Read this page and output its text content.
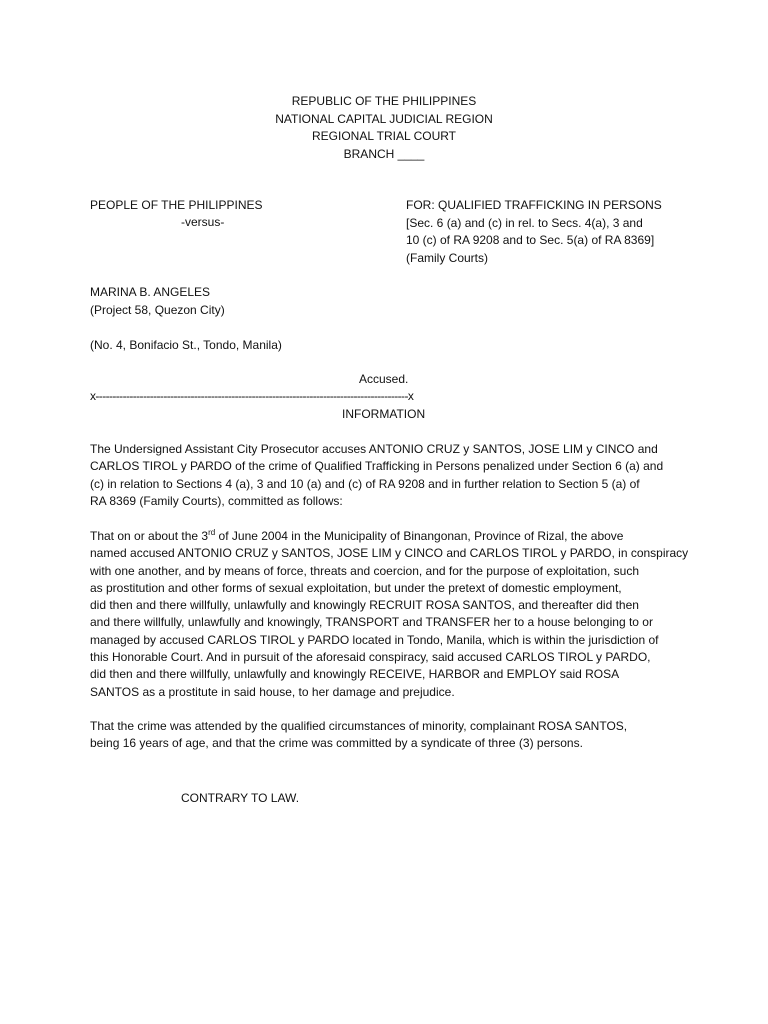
REPUBLIC OF THE PHILIPPINES
NATIONAL CAPITAL JUDICIAL REGION
REGIONAL TRIAL COURT
BRANCH ____
PEOPLE OF THE PHILIPPINES
-versus-
FOR: QUALIFIED TRAFFICKING IN PERSONS
[Sec. 6 (a) and (c) in rel. to Secs. 4(a), 3 and
10 (c) of RA 9208 and to Sec. 5(a) of RA 8369]
(Family Courts)
MARINA B. ANGELES
(Project 58, Quezon City)
(No. 4, Bonifacio St., Tondo, Manila)
Accused.
x--------------------------------------------------------------------------------------------x
INFORMATION
The Undersigned Assistant City Prosecutor accuses ANTONIO CRUZ y SANTOS, JOSE LIM y CINCO and
CARLOS TIROL y PARDO of the crime of Qualified Trafficking in Persons penalized under Section 6 (a) and
(c) in relation to Sections 4 (a), 3 and 10 (a) and (c) of RA 9208 and in further relation to Section 5 (a) of
RA 8369 (Family Courts), committed as follows:
That on or about the 3rd of June 2004 in the Municipality of Binangonan, Province of Rizal, the above
named accused ANTONIO CRUZ y SANTOS, JOSE LIM y CINCO and CARLOS TIROL y PARDO, in conspiracy
with one another, and by means of force, threats and coercion, and for the purpose of exploitation, such
as prostitution and other forms of sexual exploitation, but under the pretext of domestic employment,
did then and there willfully, unlawfully and knowingly RECRUIT ROSA SANTOS, and thereafter did then
and there willfully, unlawfully and knowingly, TRANSPORT and TRANSFER her to a house belonging to or
managed by accused CARLOS TIROL y PARDO located in Tondo, Manila, which is within the jurisdiction of
this Honorable Court. And in pursuit of the aforesaid conspiracy, said accused CARLOS TIROL y PARDO,
did then and there willfully, unlawfully and knowingly RECEIVE, HARBOR and EMPLOY said ROSA
SANTOS as a prostitute in said house, to her damage and prejudice.
That the crime was attended by the qualified circumstances of minority, complainant ROSA SANTOS,
being 16 years of age, and that the crime was committed by a syndicate of three (3) persons.
CONTRARY TO LAW.
